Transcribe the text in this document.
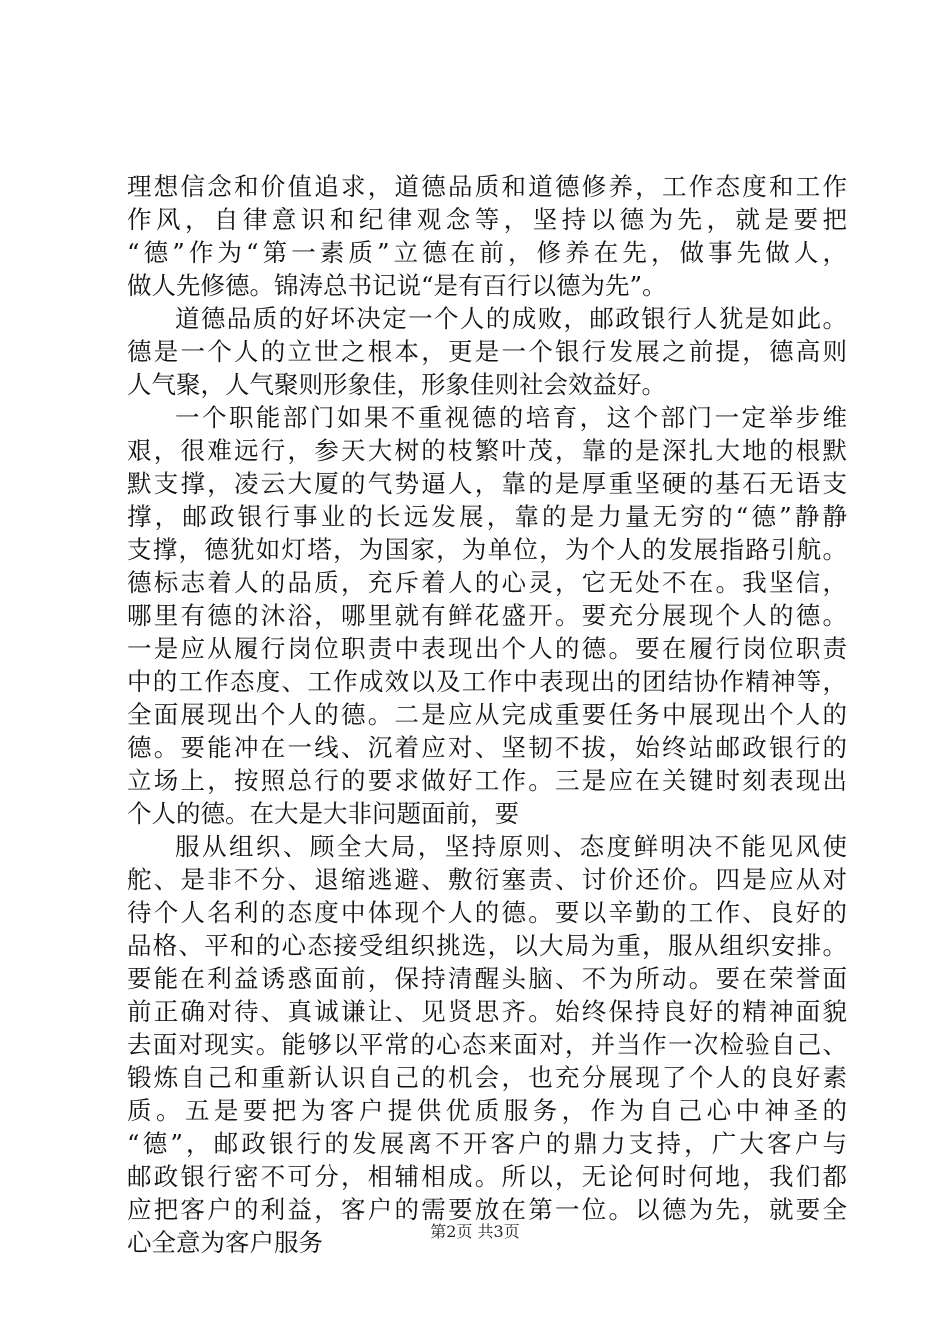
理想信念和价值追求，道德品质和道德修养，工作态度和工作
作风，自律意识和纪律观念等，坚持以德为先，就是要把
“德”作为“第一素质”立德在前，修养在先，做事先做人，
做人先修德。锦涛总书记说“是有百行以德为先”。
道德品质的好坏决定一个人的成败，邮政银行人犹是如此。
德是一个人的立世之根本，更是一个银行发展之前提，德高则
人气聚，人气聚则形象佳，形象佳则社会效益好。
一个职能部门如果不重视德的培育，这个部门一定举步维
艰，很难远行，参天大树的枝繁叶茂，靠的是深扎大地的根默
默支撑，凌云大厦的气势逼人，靠的是厚重坚硬的基石无语支
撑，邮政银行事业的长远发展，靠的是力量无穷的“德”静静
支撑，德犹如灯塔，为国家，为单位，为个人的发展指路引航。
德标志着人的品质，充斥着人的心灵，它无处不在。我坚信，
哪里有德的沐浴，哪里就有鲜花盛开。要充分展现个人的德。
一是应从履行岗位职责中表现出个人的德。要在履行岗位职责
中的工作态度、工作成效以及工作中表现出的团结协作精神等，
全面展现出个人的德。二是应从完成重要任务中展现出个人的
德。要能冲在一线、沉着应对、坚韧不拔，始终站邮政银行的
立场上，按照总行的要求做好工作。三是应在关键时刻表现出
个人的德。在大是大非问题面前，要
服从组织、顾全大局，坚持原则、态度鲜明决不能见风使
舵、是非不分、退缩逃避、敷衍塞责、讨价还价。四是应从对
待个人名利的态度中体现个人的德。要以辛勤的工作、良好的
品格、平和的心态接受组织挑选，以大局为重，服从组织安排。
要能在利益诱惑面前，保持清醒头脑、不为所动。要在荣誉面
前正确对待、真诚谦让、见贤思齐。始终保持良好的精神面貌
去面对现实。能够以平常的心态来面对，并当作一次检验自己、
锻炼自己和重新认识自己的机会，也充分展现了个人的良好素
质。五是要把为客户提供优质服务，作为自己心中神圣的
“德”，邮政银行的发展离不开客户的鼎力支持，广大客户与
邮政银行密不可分，相辅相成。所以，无论何时何地，我们都
应把客户的利益，客户的需要放在第一位。以德为先，就要全
心全意为客户服务	第2页 共3页
